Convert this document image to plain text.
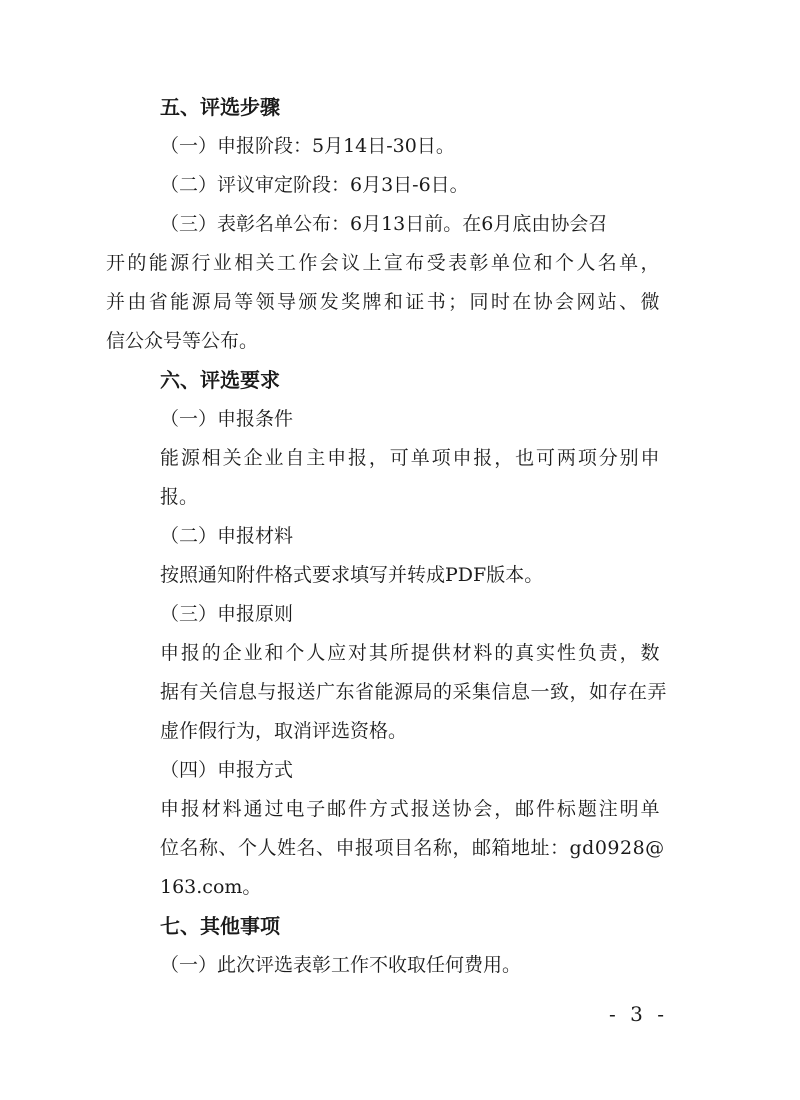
五、评选步骤
（一）申报阶段：5月14日-30日。
（二）评议审定阶段：6月3日-6日。
（三）表彰名单公布：6月13日前。在6月底由协会召
开的能源行业相关工作会议上宣布受表彰单位和个人名单，
并由省能源局等领导颁发奖牌和证书；同时在协会网站、微
信公众号等公布。
六、评选要求
（一）申报条件
能源相关企业自主申报，可单项申报，也可两项分别申
报。
（二）申报材料
按照通知附件格式要求填写并转成PDF版本。
（三）申报原则
申报的企业和个人应对其所提供材料的真实性负责，数
据有关信息与报送广东省能源局的采集信息一致，如存在弄
虚作假行为，取消评选资格。
（四）申报方式
申报材料通过电子邮件方式报送协会，邮件标题注明单
位名称、个人姓名、申报项目名称，邮箱地址：gd0928@
163.com。
七、其他事项
（一）此次评选表彰工作不收取任何费用。
- 3 -
